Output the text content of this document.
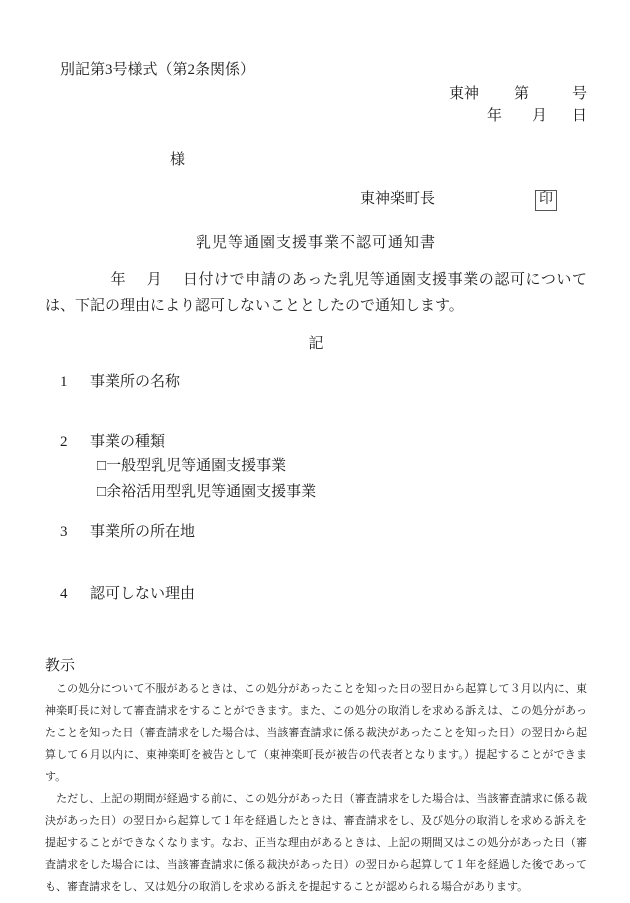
別記第3号様式（第2条関係）
東神 第	号
年 月 日
様
東神楽町長	印
乳児等通園支援事業不認可通知書

年 月 日付けで申請のあった乳児等通園支援事業の認可については、下記の理由により認可しないこととしたので通知します。

記
1 事業所の名称
2 事業の種類
□一般型乳児等通園支援事業
□余裕活用型乳児等通園支援事業
3 事業所の所在地
4 認可しない理由
教示

　この処分について不服があるときは、この処分があったことを知った日の翌日から起算して３月以内に、東神楽町長に対して審査請求をすることができます。また、この処分の取消しを求める訴えは、この処分があったことを知った日（審査請求をした場合は、当該審査請求に係る裁決があったことを知った日）の翌日から起算して６月以内に、東神楽町を被告として（東神楽町長が被告の代表者となります。）提起することができます。

　ただし、上記の期間が経過する前に、この処分があった日（審査請求をした場合は、当該審査請求に係る裁決があった日）の翌日から起算して１年を経過したときは、審査請求をし、及び処分の取消しを求める訴えを提起することができなくなります。なお、正当な理由があるときは、上記の期間又はこの処分があった日（審査請求をした場合には、当該審査請求に係る裁決があった日）の翌日から起算して１年を経過した後であっても、審査請求をし、又は処分の取消しを求める訴えを提起することが認められる場合があります。
